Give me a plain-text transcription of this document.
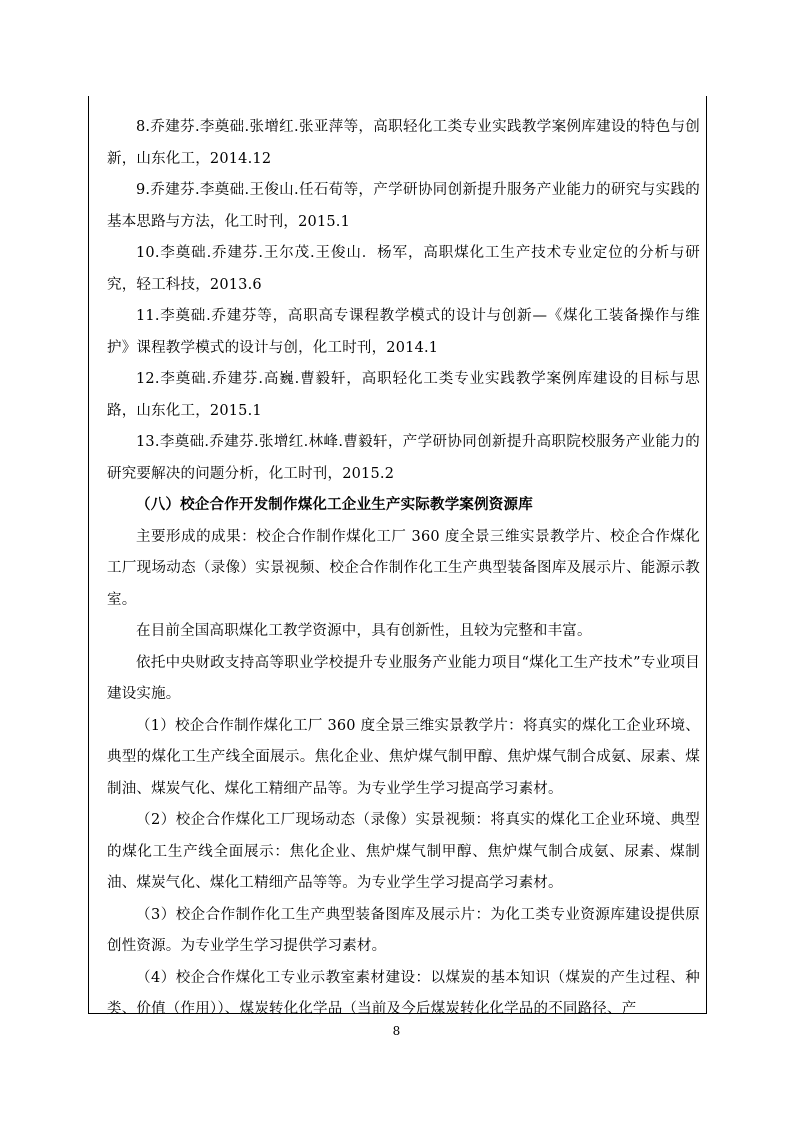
8.乔建芬.李奠础.张增红.张亚萍等，高职轻化工类专业实践教学案例库建设的特色与创新，山东化工，2014.12

9.乔建芬.李奠础.王俊山.任石荀等，产学研协同创新提升服务产业能力的研究与实践的基本思路与方法，化工时刊，2015.1

10.李奠础.乔建芬.王尔茂.王俊山．杨军，高职煤化工生产技术专业定位的分析与研究，轻工科技，2013.6

11.李奠础.乔建芬等，高职高专课程教学模式的设计与创新—《煤化工装备操作与维护》课程教学模式的设计与创，化工时刊，2014.1

12.李奠础.乔建芬.高巍.曹毅轩，高职轻化工类专业实践教学案例库建设的目标与思路，山东化工，2015.1

13.李奠础.乔建芬.张增红.林峰.曹毅轩，产学研协同创新提升高职院校服务产业能力的研究要解决的问题分析，化工时刊，2015.2

（八）校企合作开发制作煤化工企业生产实际教学案例资源库

主要形成的成果：校企合作制作煤化工厂 360 度全景三维实景教学片、校企合作煤化工厂现场动态（录像）实景视频、校企合作制作化工生产典型装备图库及展示片、能源示教室。

在目前全国高职煤化工教学资源中，具有创新性，且较为完整和丰富。

依托中央财政支持高等职业学校提升专业服务产业能力项目“煤化工生产技术”专业项目建设实施。

（1）校企合作制作煤化工厂 360 度全景三维实景教学片：将真实的煤化工企业环境、典型的煤化工生产线全面展示。焦化企业、焦炉煤气制甲醇、焦炉煤气制合成氨、尿素、煤制油、煤炭气化、煤化工精细产品等。为专业学生学习提高学习素材。

（2）校企合作煤化工厂现场动态（录像）实景视频：将真实的煤化工企业环境、典型的煤化工生产线全面展示：焦化企业、焦炉煤气制甲醇、焦炉煤气制合成氨、尿素、煤制油、煤炭气化、煤化工精细产品等等。为专业学生学习提高学习素材。

（3）校企合作制作化工生产典型装备图库及展示片：为化工类专业资源库建设提供原创性资源。为专业学生学习提供学习素材。

（4）校企合作煤化工专业示教室素材建设：以煤炭的基本知识（煤炭的产生过程、种类、价值（作用））、煤炭转化化学品（当前及今后煤炭转化化学品的不同路径、产

8
